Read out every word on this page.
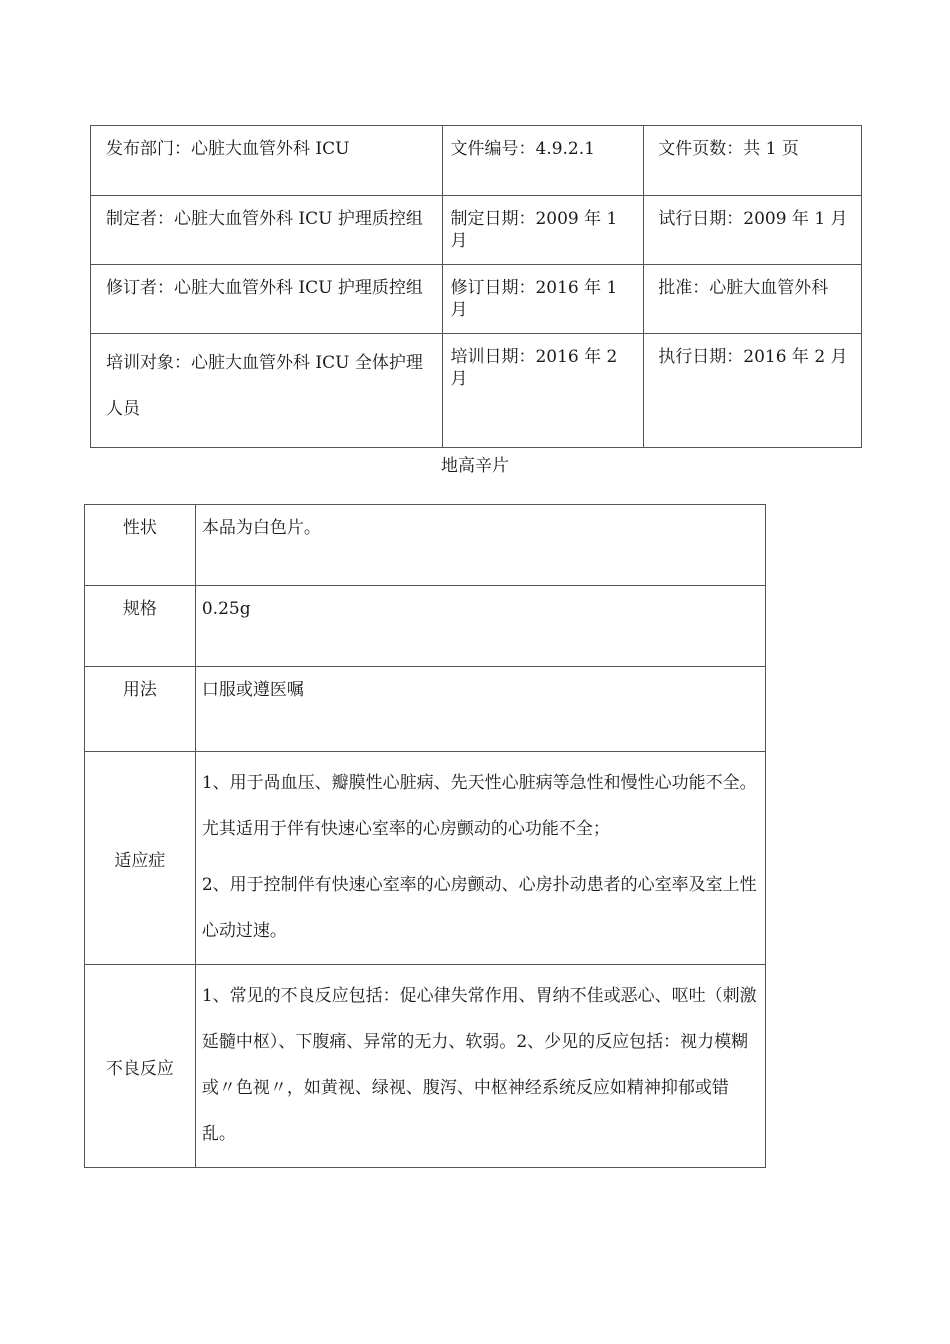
发布部门：心脏大血管外科 ICU	文件编号：4.9.2.1	文件页数：共 1 页
制定者：心脏大血管外科 ICU 护理质控组	制定日期：2009 年 1 月	试行日期：2009 年 1 月
修订者：心脏大血管外科 ICU 护理质控组	修订日期：2016 年 1 月	批准：心脏大血管外科
培训对象：心脏大血管外科 ICU 全体护理人员	培训日期：2016 年 2 月	执行日期：2016 年 2 月
地高辛片
性状	本品为白色片。
规格	0.25g
用法	口服或遵医嘱
适应症	1、用于咼血压、瓣膜性心脏病、先天性心脏病等急性和慢性心功能不全。尤其适用于伴有快速心室率的心房颤动的心功能不全；

2、用于控制伴有快速心室率的心房颤动、心房扑动患者的心室率及室上性心动过速。

不良反应	1、常见的不良反应包括：促心律失常作用、胃纳不佳或恶心、呕吐（刺激延髓中枢）、下腹痛、异常的无力、软弱。2、少见的反应包括：视力模糊或〃色视〃，如黄视、绿视、腹泻、中枢神经系统反应如精神抑郁或错乱。
